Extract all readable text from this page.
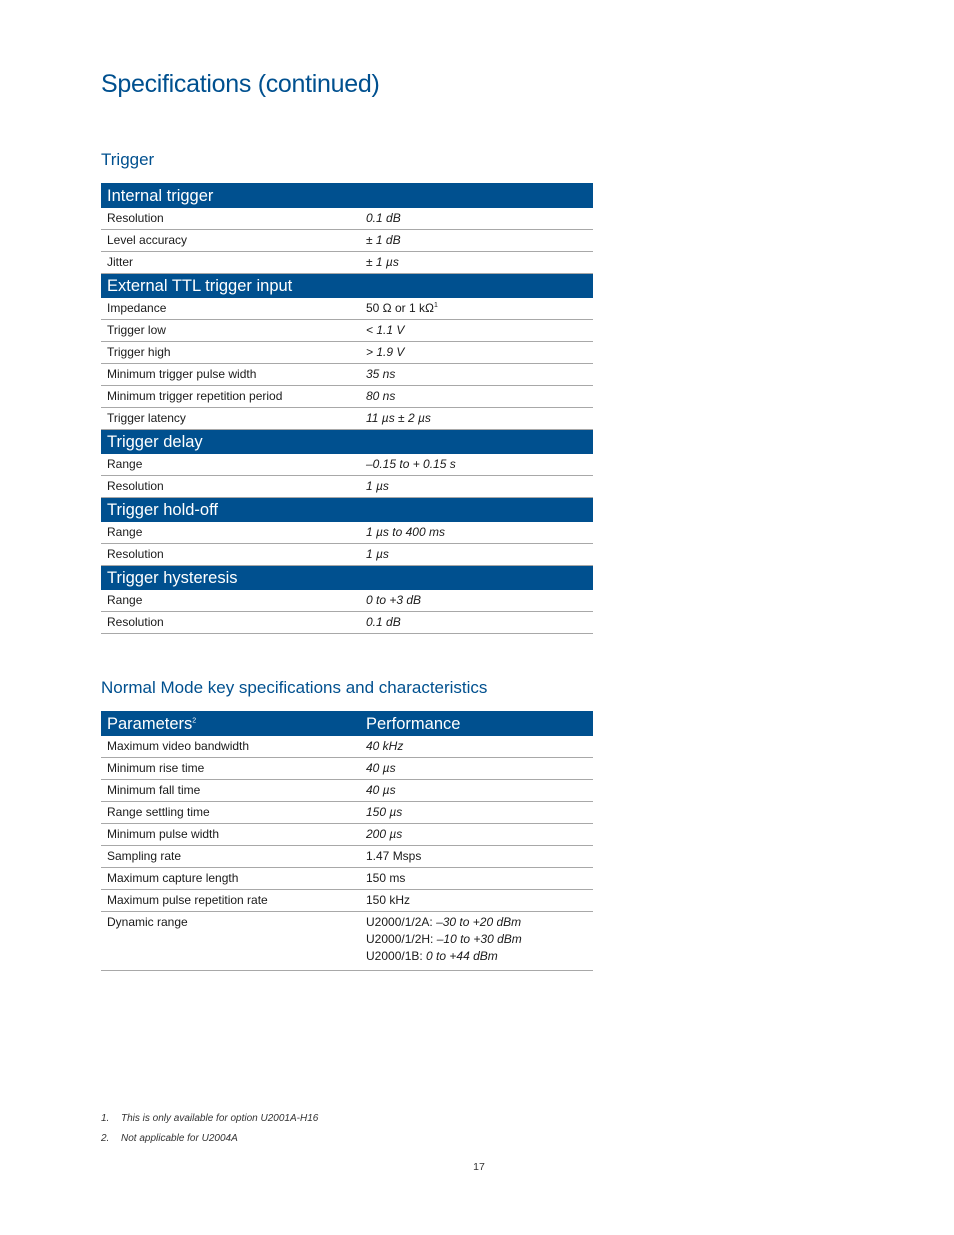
Specifications (continued)
Trigger
Internal trigger	
Resolution	0.1 dB
Level accuracy	± 1 dB
Jitter	± 1 µs
External TTL trigger input	
Impedance	50 Ω or 1 $k\Omega^1$
Trigger low	< 1.1 V
Trigger high	> 1.9 V
Minimum trigger pulse width	35 ns
Minimum trigger repetition period	80 ns
Trigger latency	11 µs ± 2 µs
Trigger delay	
Range	–0.15 to + 0.15 s
Resolution	1 µs
Trigger hold-off	
Range	1 µs to 400 ms
Resolution	1 µs
Trigger hysteresis	
Range	0 to +3 dB
Resolution	0.1 dB
Normal Mode key specifications and characteristics
Parameters$^2$	Performance
Maximum video bandwidth	40 kHz
Minimum rise time	40 µs
Minimum fall time	40 µs
Range settling time	150 µs
Minimum pulse width	200 µs
Sampling rate	1.47 Msps
Maximum capture length	150 ms
Maximum pulse repetition rate	150 kHz
Dynamic range	U2000/1/2A: –30 to +20 dBm
U2000/1/2H: –10 to +30 dBm
U2000/1B: 0 to +44 dBm
1. This is only available for option U2001A-H16
2. Not applicable for U2004A
17
